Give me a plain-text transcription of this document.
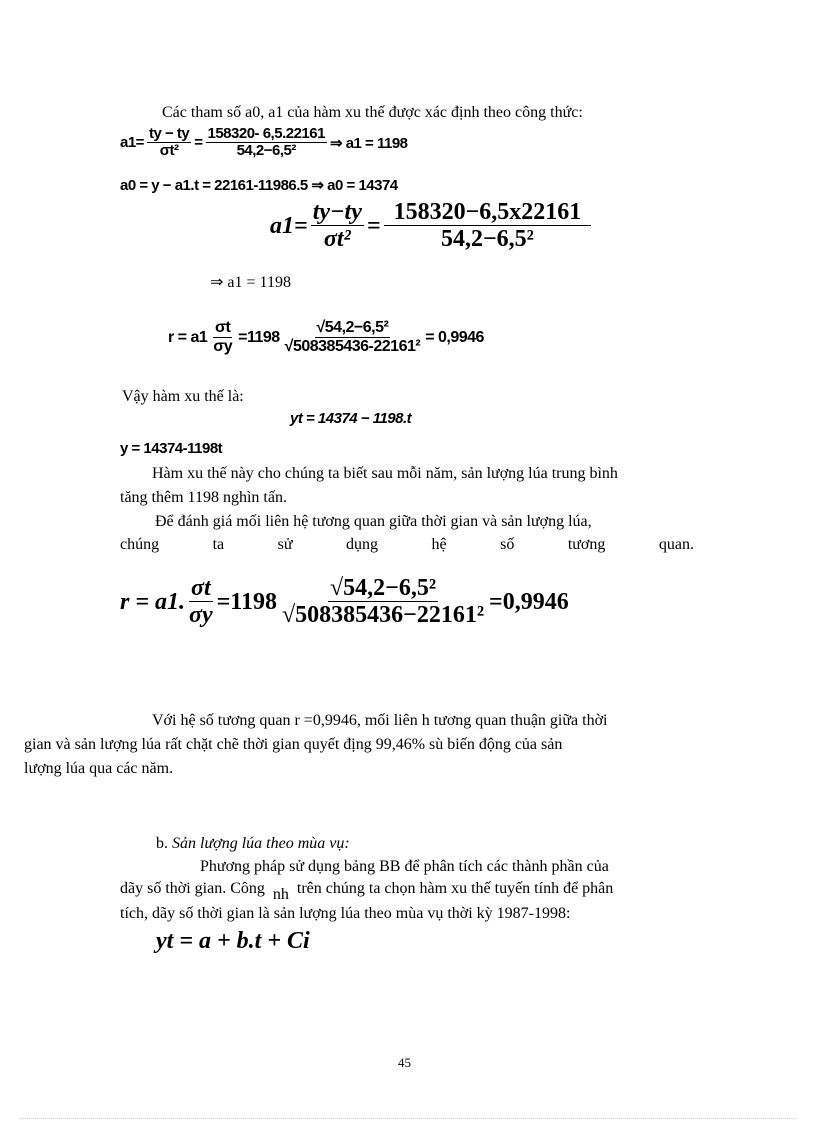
Các tham số a0, a1 của hàm xu thế được xác định theo công thức:
$a1= \frac{ty - ty}{\text{σt²}} = \frac{158320- 6,5.22161}{\text{54,2−6,5²}}$ ⇒ a1 = 1198
a0 = y − a1.t = 22161-11986.5 ⇒ a0 = 14374
$a1= \frac{ty-ty}{\text{σt²}} = \frac{158320-6,5x22161}{\text{54,2−6,5²}}$
⇒ a1 = 1198
$r = a1 \frac{\sigma t}{\sigma y} =1198 \frac{\text{√54,2−6,5²}}{\text{√508385436-22161²}} = 0,9946$
Vậy hàm xu thế là:
yt = 14374 − 1198.t
y = 14374-1198t
Hàm xu thế này cho chúng ta biết sau mỗi năm, sản lượng lúa trung bình
tăng thêm 1198 nghìn tấn.
Để đánh giá mối liên hệ tương quan giữa thời gian và sản lượng lúa,
chúng	ta	sử	dụng	hệ	số	tương	quan.
r = a1. $\frac{\sigma t}{\sigma y} =1198 \frac{\text{√54,2−6,5²}}{\text{√508385436−22161²}} =0,9946$
Với hệ số tương quan r =0,9946, mối liên h tương quan thuận giữa thời
gian và sản lượng lúa rất chặt chẽ thời gian quyết địng 99,46% sù biến động của sản
lượng lúa qua các năm.
b. Sản lượng lúa theo mùa vụ:
Phương pháp sử dụng bảng BB để phân tích các thành phần của
dãy số thời gian. Công nh trên chúng ta chọn hàm xu thế tuyến tính để phân
tích, dãy số thời gian là sản lượng lúa theo mùa vụ thời kỳ 1987-1998:
yt = a + b.t + Ci
45
